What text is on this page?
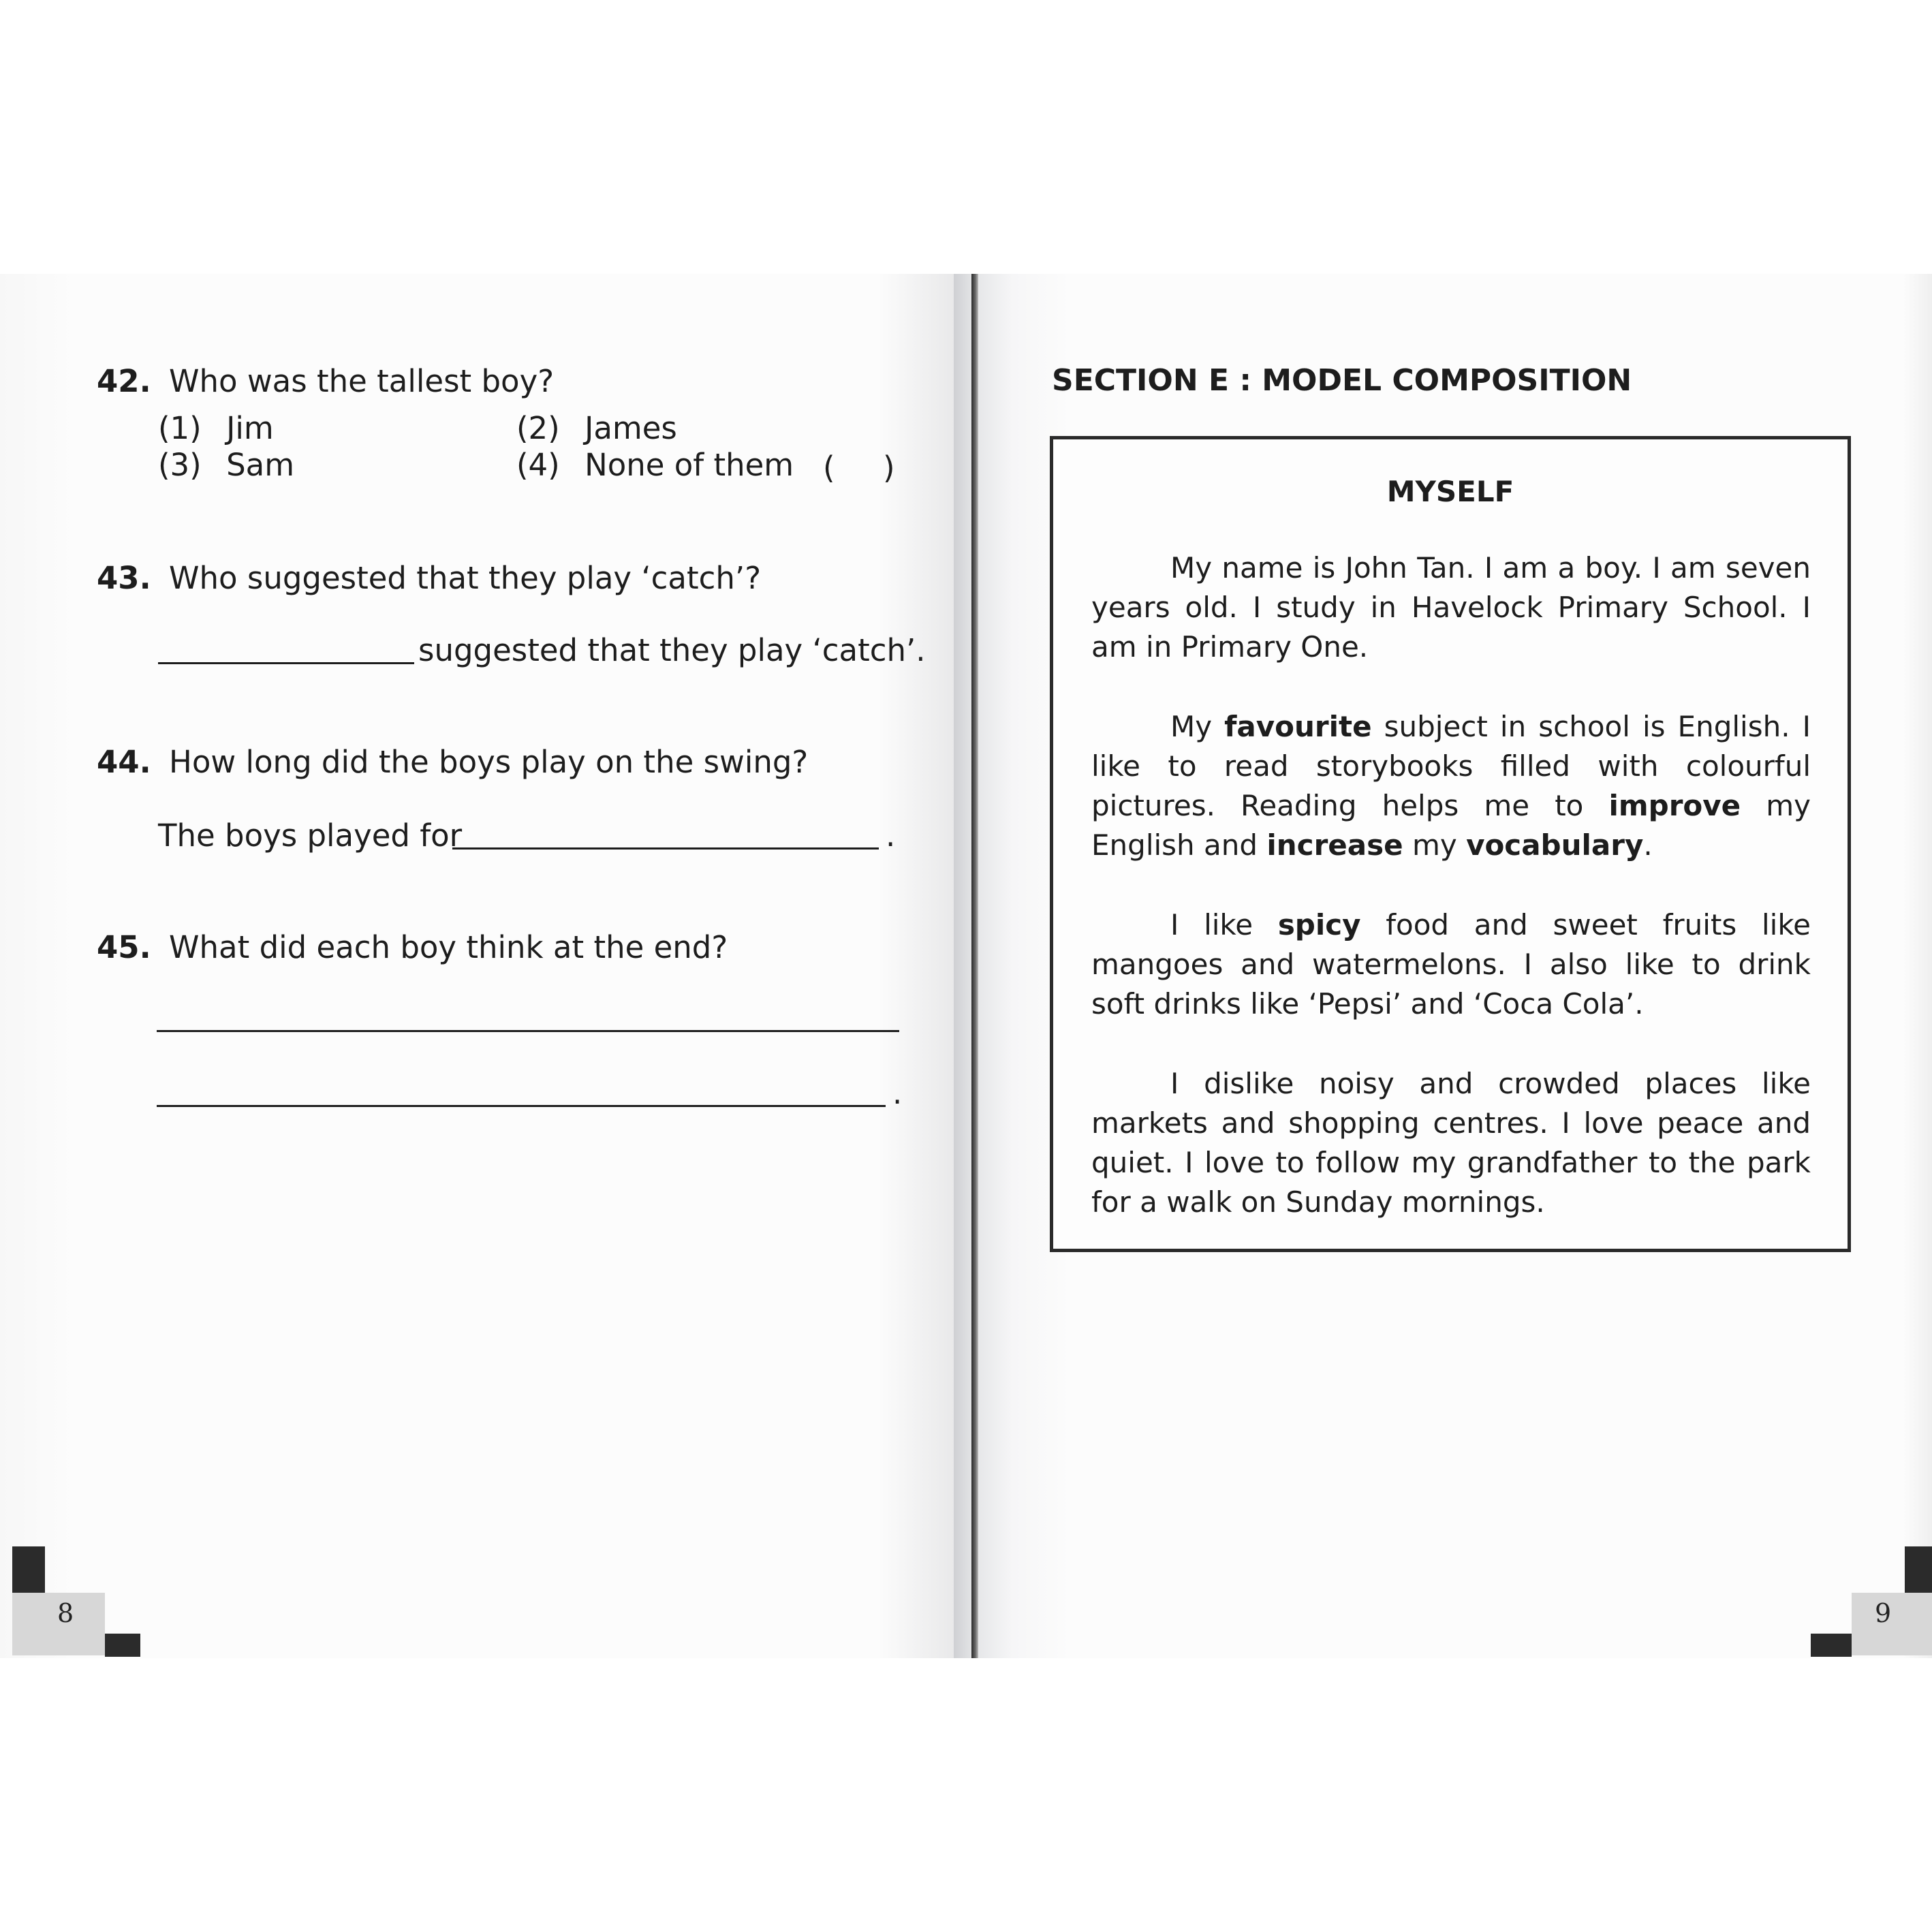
42. Who was the tallest boy?
(1) Jim	(2) James
(3) Sam	(4) None of them ( )
43. Who suggested that they play ‘catch’?
suggested that they play ‘catch’.
44. How long did the boys play on the swing?
The boys played for	.
45. What did each boy think at the end?
.
8
SECTION E : MODEL COMPOSITION
MYSELF
My name is John Tan. I am a boy. I am seven years old. I study in Havelock Primary School. I am in Primary One.
My favourite subject in school is English. I like to read storybooks filled with colourful pictures. Reading helps me to improve my English and increase my vocabulary.
I like spicy food and sweet fruits like mangoes and watermelons. I also like to drink soft drinks like ‘Pepsi’ and ‘Coca Cola’.
I dislike noisy and crowded places like markets and shopping centres. I love peace and quiet. I love to follow my grandfather to the park for a walk on Sunday mornings.
9
